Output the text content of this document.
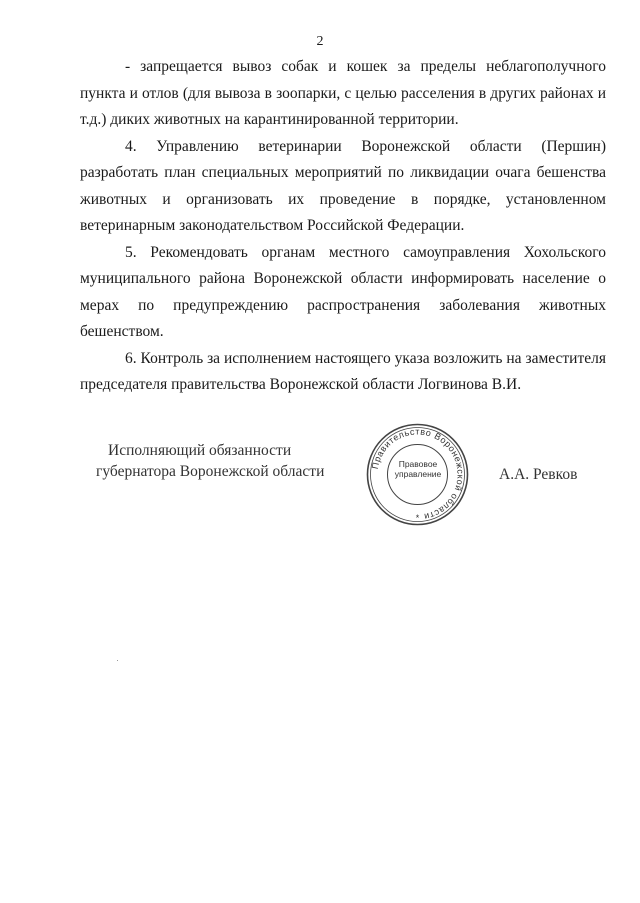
2

- запрещается вывоз собак и кошек за пределы неблагополучного пункта и отлов (для вывоза в зоопарки, с целью расселения в других районах и т.д.) диких животных на карантинированной территории.

4. Управлению ветеринарии Воронежской области (Першин) разработать план специальных мероприятий по ликвидации очага бешенства животных и организовать их проведение в порядке, установленном ветеринарным законодательством Российской Федерации.

5. Рекомендовать органам местного самоуправления Хохольского муниципального района Воронежской области информировать население о мерах по предупреждению распространения заболевания животных бешенством.

6. Контроль за исполнением настоящего указа возложить на заместителя председателя правительства Воронежской области Логвинова В.И.

Исполняющий обязанности

губернатора Воронежской области	Правительство Воронежской области
*
Правовое
управление	А.А. Ревков
